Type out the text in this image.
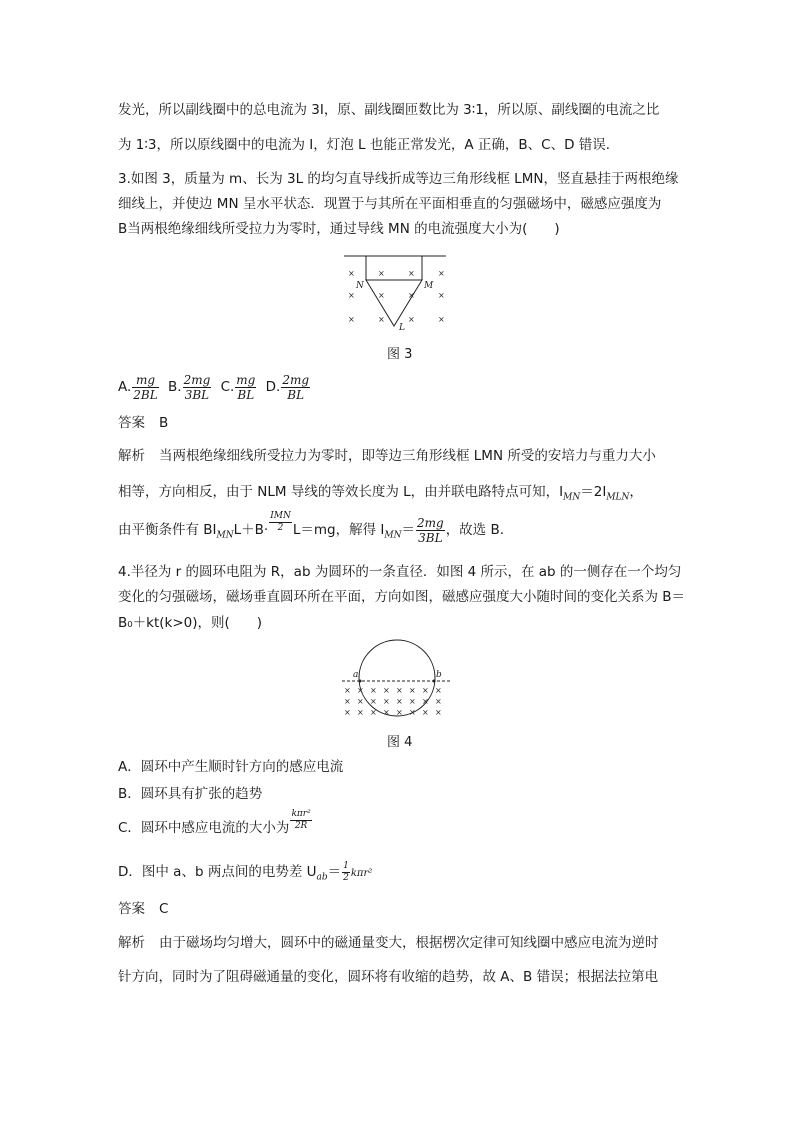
发光，所以副线圈中的总电流为 3I，原、副线圈匝数比为 3∶1，所以原、副线圈的电流之比
为 1∶3，所以原线圈中的电流为 I，灯泡 L 也能正常发光，A 正确，B、C、D 错误．
3.如图 3，质量为 m、长为 3L 的均匀直导线折成等边三角形线框 LMN，竖直悬挂于两根绝缘
细线上，并使边 MN 呈水平状态．现置于与其所在平面相垂直的匀强磁场中，磁感应强度为
B当两根绝缘细线所受拉力为零时，通过导线 MN 的电流强度大小为(　　)
×	×	×	×
×	×	×	×
×	×	×	×
N	M
L
图 3
A. $\frac{mg}{2BL} B$. $\frac{2mg}{3BL} C$. $\frac{mg}{BL} D$. $\frac{2mg}{BL}$
答案 B
解析 当两根绝缘细线所受拉力为零时，即等边三角形线框 LMN 所受的安培力与重力大小
相等，方向相反，由于 NLM 导线的等效长度为 L，由并联电路特点可知，$I_{MN}=2I_{MLN}$，
由平衡条件有 $BI_{MN}L+B\cdot \frac{\text{IMN}}{2} L=mg$，解得 $I_{MN}= \frac{2mg}{3BL}$ ，故选 B.
4.半径为 r 的圆环电阻为 R，ab 为圆环的一条直径．如图 4 所示，在 ab 的一侧存在一个均匀
变化的匀强磁场，磁场垂直圆环所在平面，方向如图，磁感应强度大小随时间的变化关系为 B＝
B₀＋kt(k>0)，则(　　)
a	b
× × × × × × × ×
× × × × × × × ×
× × × × × × × ×
图 4
A．圆环中产生顺时针方向的感应电流
B．圆环具有扩张的趋势
C．圆环中感应电流的大小为 $\frac{\text{kπr²}}{2R}$
D．图中 a、b 两点间的电势差 $U_{ab}= \frac{1}{2} k\pi r^2$
答案 C
解析 由于磁场均匀增大，圆环中的磁通量变大，根据楞次定律可知线圈中感应电流为逆时
针方向，同时为了阻碍磁通量的变化，圆环将有收缩的趋势，故 A、B 错误；根据法拉第电
